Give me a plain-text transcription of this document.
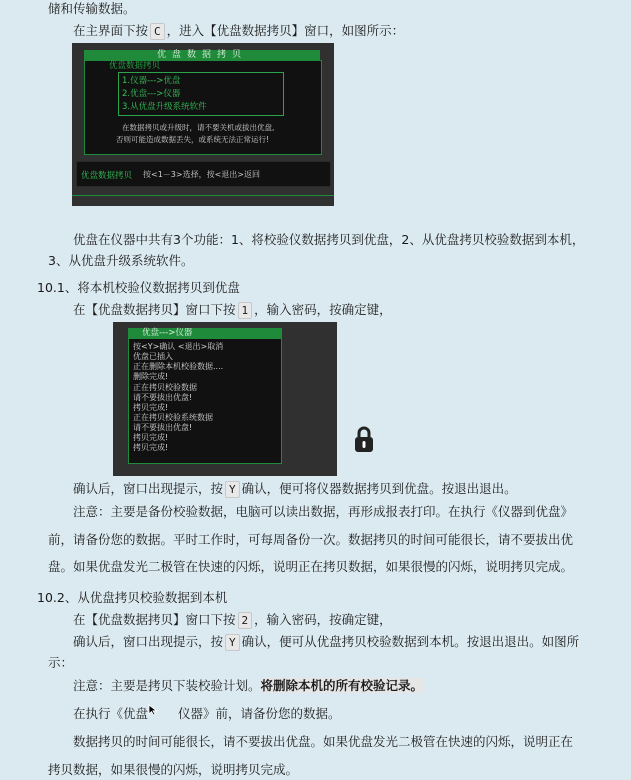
储和传输数据。
在主界面下按 C ，进入【优盘数据拷贝】窗口，如图所示：
优盘数据拷贝
优盘数据拷贝
1.仪器--->优盘
2.优盘--->仪器
3.从优盘升级系统软件
在数据拷贝或升级时，请不要关机或拔出优盘,
否则可能造成数据丢失，或系统无法正常运行!
优盘数据拷贝 按<1－3>选择，按<退出>返回
优盘在仪器中共有3个功能：1、将校验仪数据拷贝到优盘，2、从优盘拷贝校验数据到本机，
3、从优盘升级系统软件。
10.1、将本机校验仪数据拷贝到优盘
在【优盘数据拷贝】窗口下按 1 ，输入密码，按确定键，
优盘--->仪器
按<Y>确认 <退出>取消
优盘已插入
正在删除本机校验数据....
删除完成!
正在拷贝校验数据
请不要拔出优盘!
拷贝完成!
正在拷贝校验系统数据
请不要拔出优盘!
拷贝完成!
拷贝完成!
确认后，窗口出现提示，按 Y 确认，便可将仪器数据拷贝到优盘。按退出退出。
注意：主要是备份校验数据，电脑可以读出数据，再形成报表打印。在执行《仪器到优盘》
前，请备份您的数据。平时工作时，可每周备份一次。数据拷贝的时间可能很长，请不要拔出优
盘。如果优盘发光二极管在快速的闪烁，说明正在拷贝数据，如果很慢的闪烁，说明拷贝完成。
10.2、从优盘拷贝校验数据到本机
在【优盘数据拷贝】窗口下按 2 ，输入密码，按确定键，
确认后，窗口出现提示，按 Y 确认，便可从优盘拷贝校验数据到本机。按退出退出。如图所
示：
注意：主要是拷贝下装校验计划。将删除本机的所有校验记录。
在执行《优盘 仪器》前，请备份您的数据。
数据拷贝的时间可能很长，请不要拔出优盘。如果优盘发光二极管在快速的闪烁，说明正在
拷贝数据，如果很慢的闪烁，说明拷贝完成。
